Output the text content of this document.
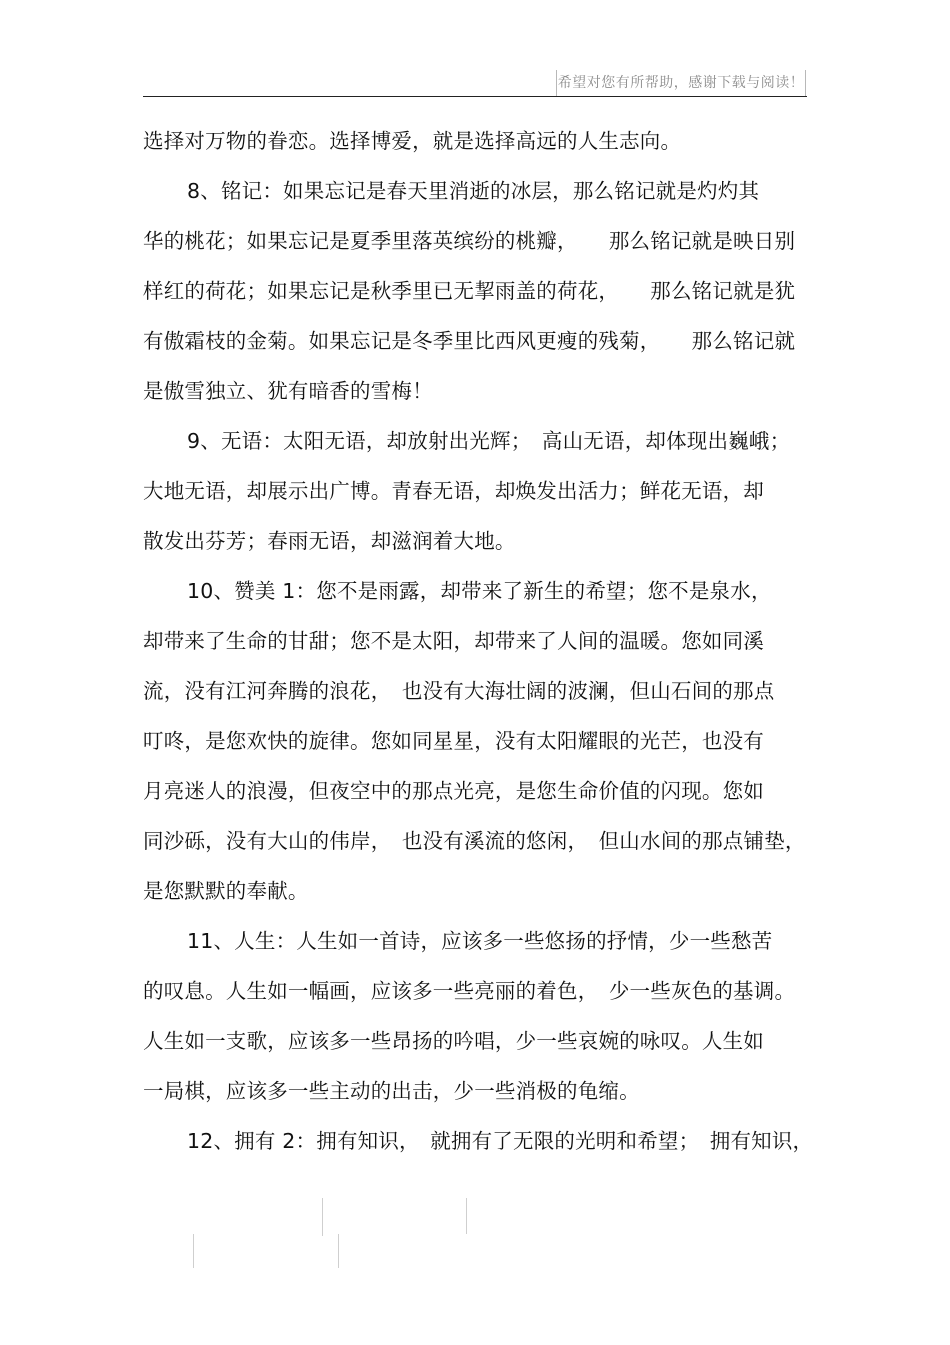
希望对您有所帮助，感谢下载与阅读！
选择对万物的眷恋。选择博爱，就是选择高远的人生志向。
8、铭记：如果忘记是春天里消逝的冰层，那么铭记就是灼灼其
华的桃花；如果忘记是夏季里落英缤纷的桃瓣，　　那么铭记就是映日别
样红的荷花；如果忘记是秋季里已无挈雨盖的荷花，　　那么铭记就是犹
有傲霜枝的金菊。如果忘记是冬季里比西风更瘦的残菊，　　那么铭记就
是傲雪独立、犹有暗香的雪梅！
9、无语：太阳无语，却放射出光辉；　高山无语，却体现出巍峨；
大地无语，却展示出广博。青春无语，却焕发出活力；鲜花无语，却
散发出芬芳；春雨无语，却滋润着大地。
10、赞美 1：您不是雨露，却带来了新生的希望；您不是泉水，
却带来了生命的甘甜；您不是太阳，却带来了人间的温暖。您如同溪
流，没有江河奔腾的浪花，　也没有大海壮阔的波澜，但山石间的那点
叮咚，是您欢快的旋律。您如同星星，没有太阳耀眼的光芒，也没有
月亮迷人的浪漫，但夜空中的那点光亮，是您生命价值的闪现。您如
同沙砾，没有大山的伟岸，　也没有溪流的悠闲，　但山水间的那点铺垫，
是您默默的奉献。
11、人生：人生如一首诗，应该多一些悠扬的抒情，少一些愁苦
的叹息。人生如一幅画，应该多一些亮丽的着色，　少一些灰色的基调。
人生如一支歌，应该多一些昂扬的吟唱，少一些哀婉的咏叹。人生如
一局棋，应该多一些主动的出击，少一些消极的龟缩。
12、拥有 2：拥有知识，　就拥有了无限的光明和希望；　拥有知识，
